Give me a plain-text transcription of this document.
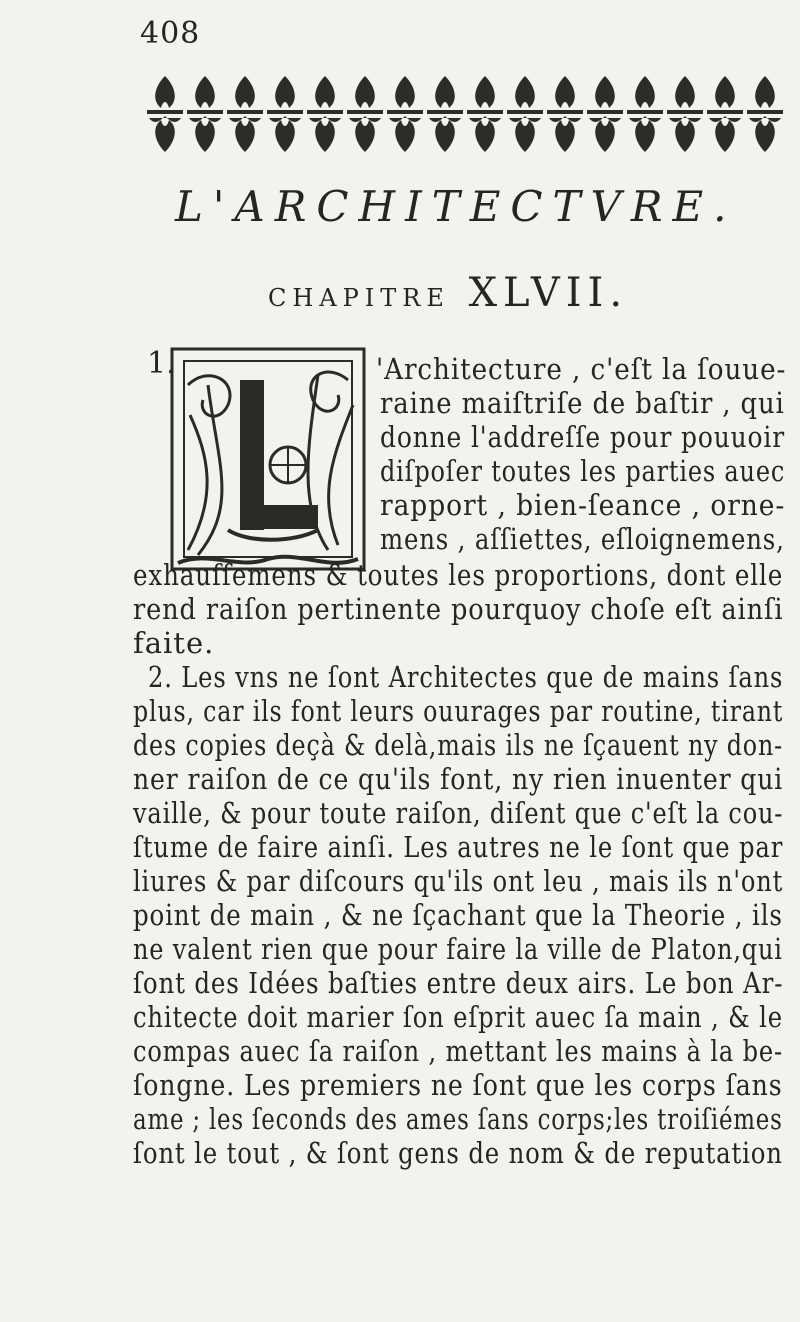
408
L'ARCHITECTVRE.
CHAPITRE XLVII.
1.	'Architecture , c'eſt la ſouue-
raine maiſtriſe de baſtir , qui
donne l'addreſſe pour pouuoir
diſpoſer toutes les parties auec
rapport , bien-ſeance , orne-
mens , aſſiettes, eſloignemens,
exhauſſemens & toutes les proportions, dont elle
rend raiſon pertinente pourquoy choſe eſt ainſi
faite.
2. Les vns ne ſont Architectes que de mains ſans
plus, car ils font leurs ouurages par routine, tirant
des copies deçà & delà,mais ils ne ſçauent ny don-
ner raiſon de ce qu'ils font, ny rien inuenter qui
vaille, & pour toute raiſon, diſent que c'eſt la cou-
ſtume de faire ainſi. Les autres ne le ſont que par
liures & par diſcours qu'ils ont leu , mais ils n'ont
point de main , & ne ſçachant que la Theorie , ils
ne valent rien que pour faire la ville de Platon,qui
ſont des Idées baſties entre deux airs. Le bon Ar-
chitecte doit marier ſon eſprit auec ſa main , & le
compas auec ſa raiſon , mettant les mains à la be-
ſongne. Les premiers ne ſont que les corps ſans
ame ; les ſeconds des ames ſans corps;les troiſiémes
ſont le tout , & ſont gens de nom & de reputation
